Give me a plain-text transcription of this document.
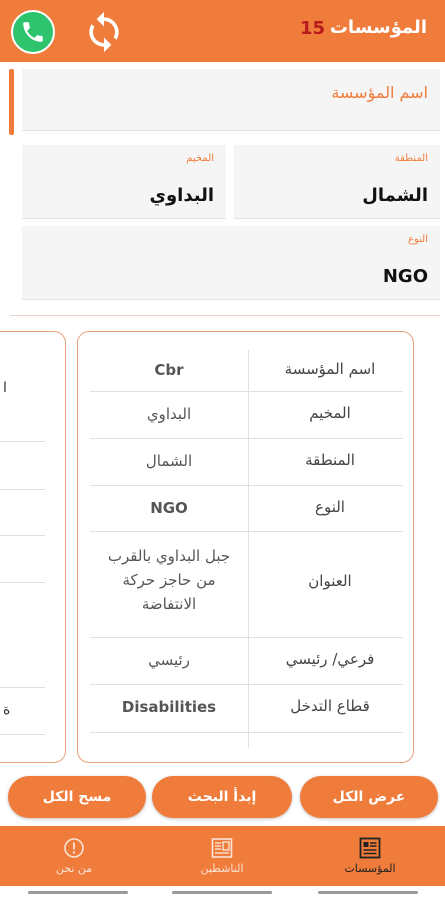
15 المؤسسات
اسم المؤسسة
المنطقة
الشمال
المخيم
البداوي
النوع
NGO
ا
ة
اسم المؤسسة
Cbr
المخيم
البداوي
المنطقة
الشمال
النوع
NGO
العنوان
جبل البداوي بالقرب من حاجز حركة الانتفاضة
فرعي/ رئيسي
رئيسي
قطاع التدخل
Disabilities
عرض الكل
إبدأ البحث
مسح الكل
المؤسسات
الناشطين
من نحن
